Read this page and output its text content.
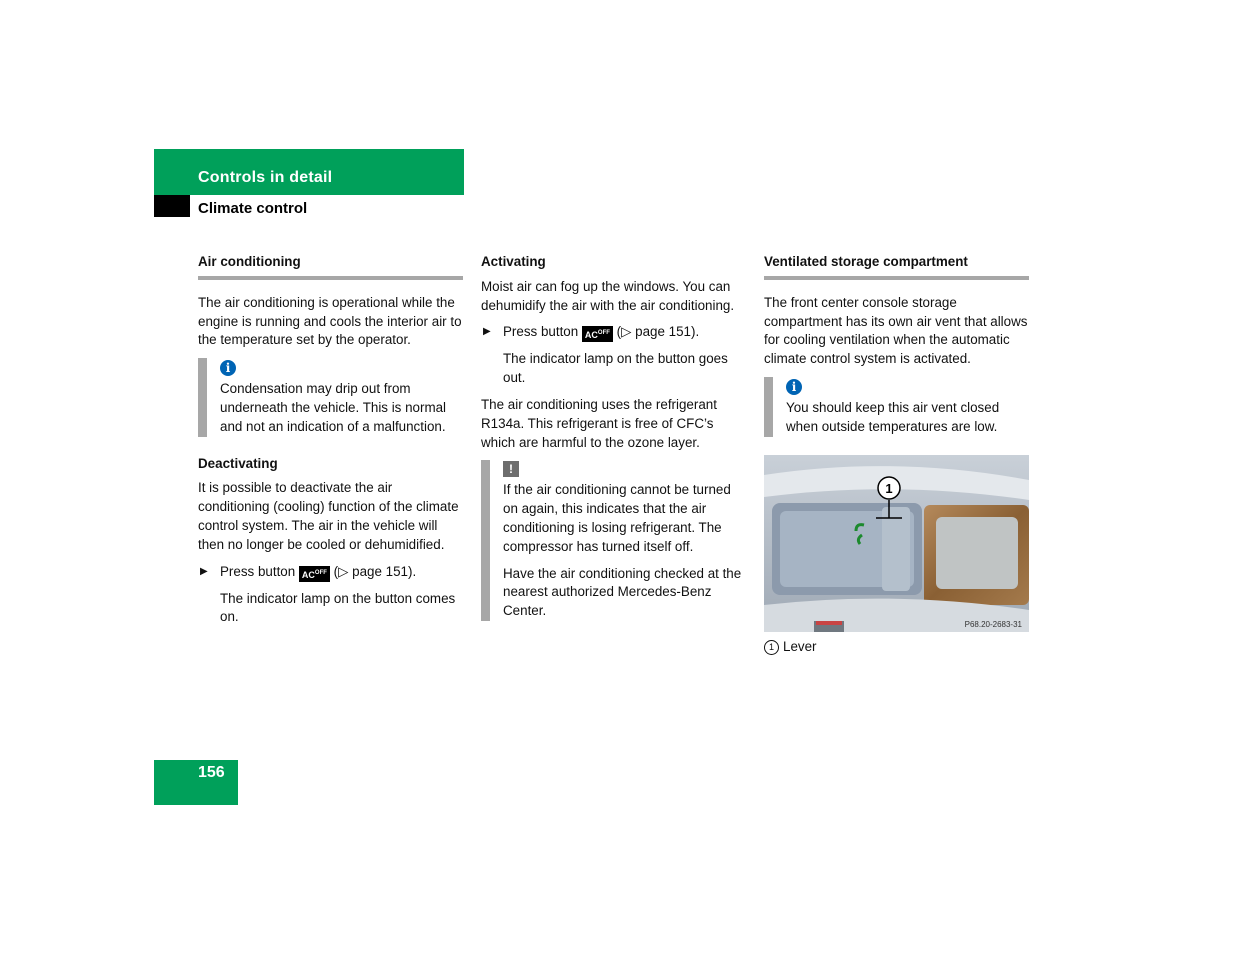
Controls in detail
Climate control
Air conditioning

The air conditioning is operational while the engine is running and cools the interior air to the temperature set by the operator.

i

Condensation may drip out from underneath the vehicle. This is normal and not an indication of a malfunction.

Deactivating

It is possible to deactivate the air conditioning (cooling) function of the climate control system. The air in the vehicle will then no longer be cooled or dehumidified.

▶ Press button $AC^{OFF}$ (▷ page 151).

The indicator lamp on the button comes on.

Activating

Moist air can fog up the windows. You can dehumidify the air with the air conditioning.

▶ Press button $AC^{OFF}$ (▷ page 151).

The indicator lamp on the button goes out.

The air conditioning uses the refrigerant R134a. This refrigerant is free of CFC’s which are harmful to the ozone layer.

!

If the air conditioning cannot be turned on again, this indicates that the air conditioning is losing refrigerant. The compressor has turned itself off.

Have the air conditioning checked at the nearest authorized Mercedes-Benz Center.

Ventilated storage compartment

The front center console storage compartment has its own air vent that allows for cooling ventilation when the automatic climate control system is activated.

i

You should keep this air vent closed when outside temperatures are low.

1
P68.20-2683-31
1 Lever
156
